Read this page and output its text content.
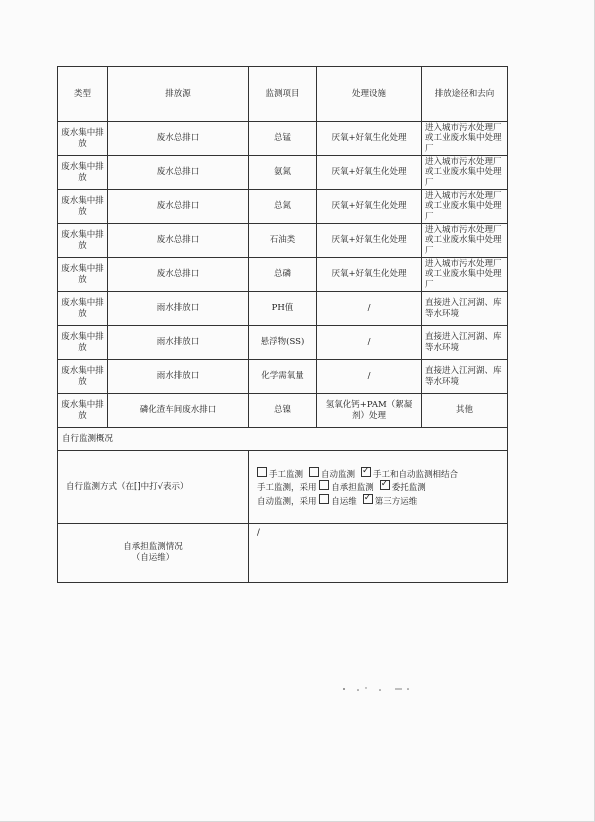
类型	排放源	监测项目	处理设施	排放途径和去向
废水集中排放	废水总排口	总锰	厌氧+好氧生化处理	进入城市污水处理厂或工业废水集中处理厂
废水集中排放	废水总排口	氨氮	厌氧+好氧生化处理	进入城市污水处理厂或工业废水集中处理厂
废水集中排放	废水总排口	总氮	厌氧+好氧生化处理	进入城市污水处理厂或工业废水集中处理厂
废水集中排放	废水总排口	石油类	厌氧+好氧生化处理	进入城市污水处理厂或工业废水集中处理厂
废水集中排放	废水总排口	总磷	厌氧+好氧生化处理	进入城市污水处理厂或工业废水集中处理厂
废水集中排放	雨水排放口	PH值	/	直接进入江河湖、库等水环境
废水集中排放	雨水排放口	悬浮物(SS)	/	直接进入江河湖、库等水环境
废水集中排放	雨水排放口	化学需氧量	/	直接进入江河湖、库等水环境
废水集中排放	磷化渣车间废水排口	总镍	氢氧化钙+PAM（絮凝剂）处理	其他
自行监测概况				
自行监测方式（在[]中打√表示）		手工监测 自动监测 ✓ 手工和自动监测相结合
手工监测，采用 自承担监测 ✓ 委托监测
自动监测，采用 自运维 ✓ 第三方运维

自承担监测情况
（自运维）		/		
